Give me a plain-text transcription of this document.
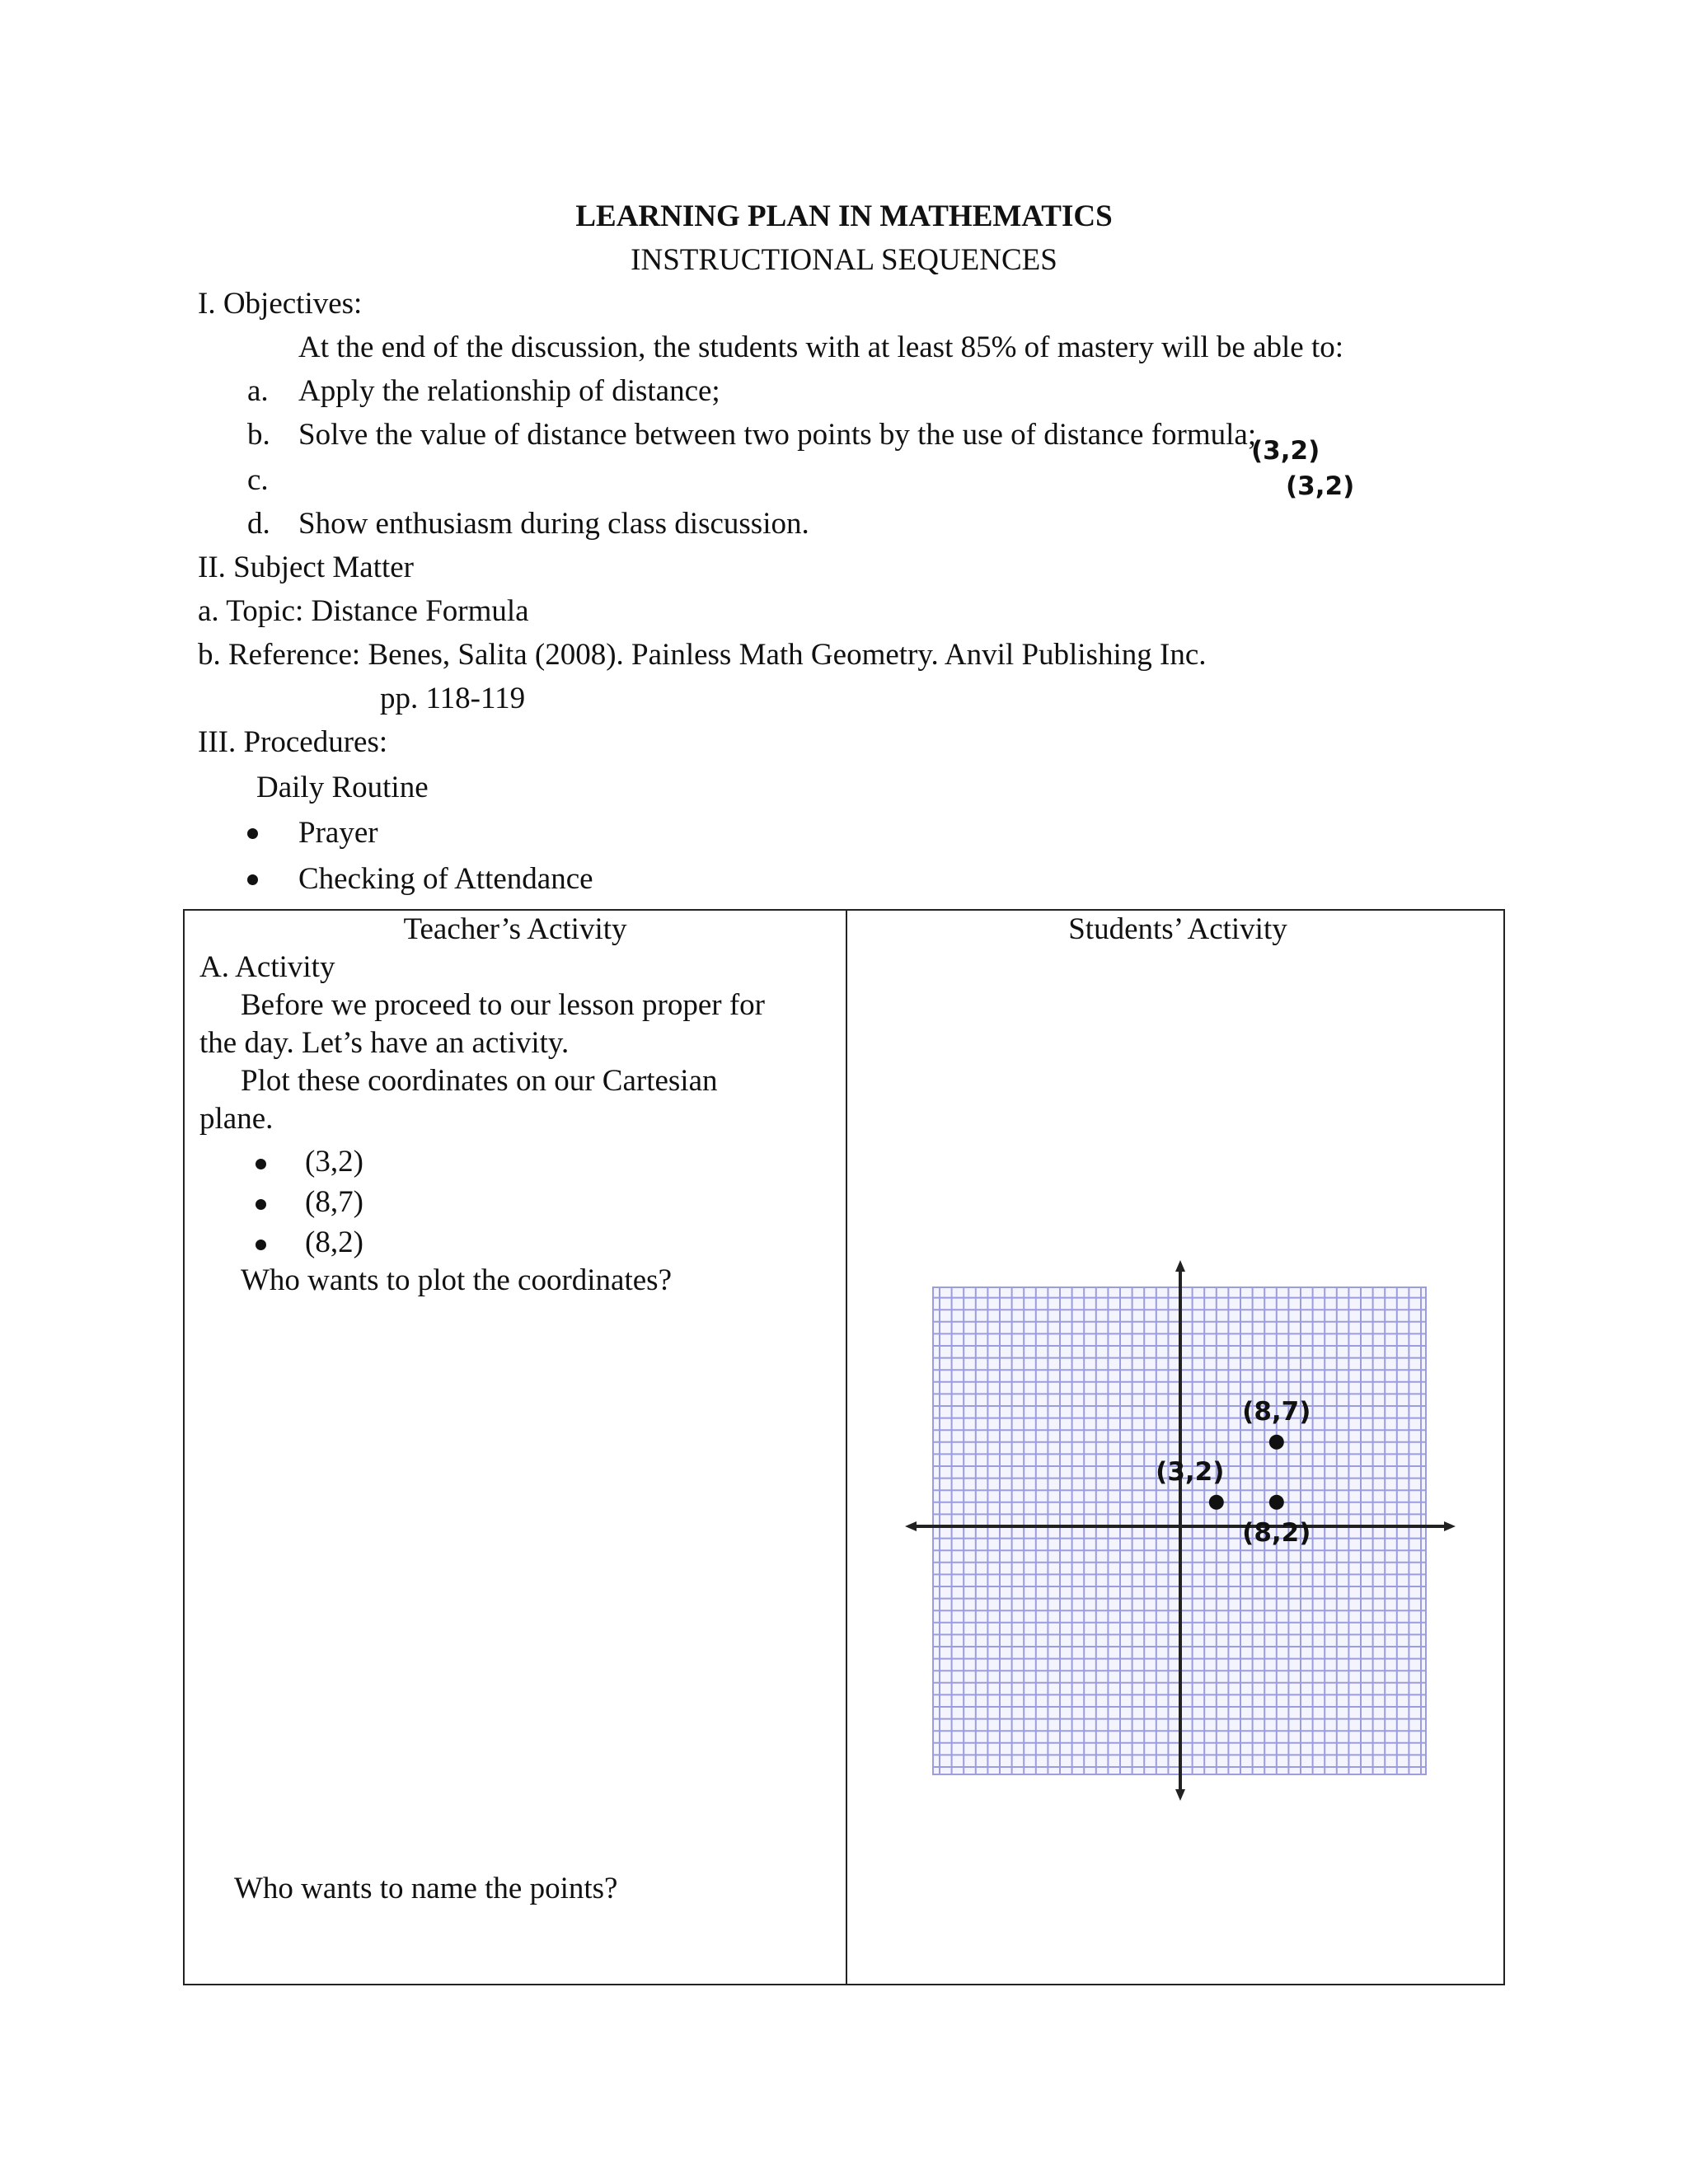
LEARNING PLAN IN MATHEMATICS
INSTRUCTIONAL SEQUENCES
I. Objectives:
At the end of the discussion, the students with at least 85% of mastery will be able to:
a. Apply the relationship of distance;
b. Solve the value of distance between two points by the use of distance formula;
c.
d. Show enthusiasm during class discussion.
(3,2)
(3,2)
II. Subject Matter
a. Topic: Distance Formula
b. Reference: Benes, Salita (2008). Painless Math Geometry. Anvil Publishing Inc.
pp. 118-119
III. Procedures:
Daily Routine
Prayer
Checking of Attendance
Teacher’s Activity
A. Activity
Before we proceed to our lesson proper for
the day. Let’s have an activity.
Plot these coordinates on our Cartesian
plane.
(3,2)
(8,7)
(8,2)
Who wants to plot the coordinates?
Who wants to name the points?

Students’ Activity
(3,2)
(8,7)
(8,2)
